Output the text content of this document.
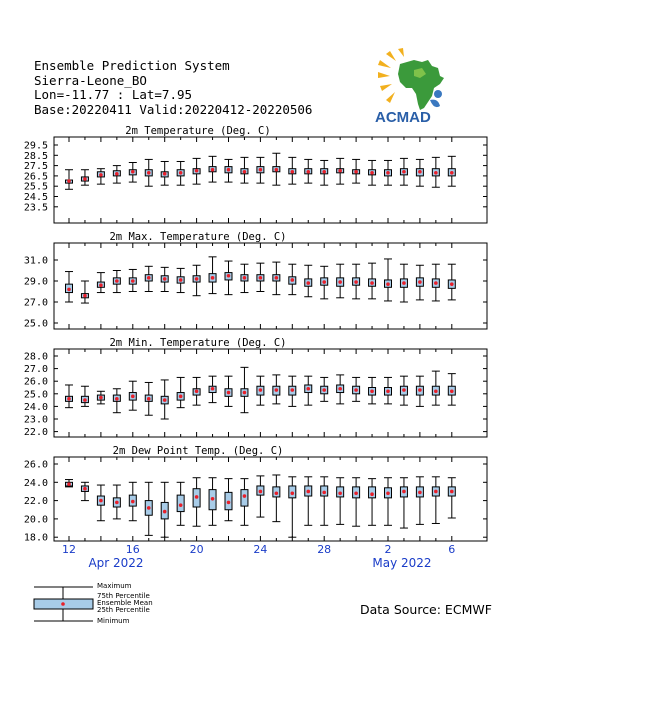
Ensemble Prediction System
Sierra-Leone_BO
Lon=-11.77 : Lat=7.95
Base:20220411 Valid:20220412-20220506	ACMAD
2m Temperature (Deg. C)
29.5
28.5
27.5
26.5
25.5
24.5
23.5
2m Max. Temperature (Deg. C)
31.0
29.0
27.0
25.0
2m Min. Temperature (Deg. C)
28.0
27.0
26.0
25.0
24.0
23.0
22.0
2m Dew Point Temp. (Deg. C)
26.0
24.0
22.0
20.0
18.0
12	16	20	24	28	2	6
Apr 2022	May 2022
Maximum
75th Percentile
Ensemble Mean
25th Percentile
Minimum
Data Source: ECMWF
